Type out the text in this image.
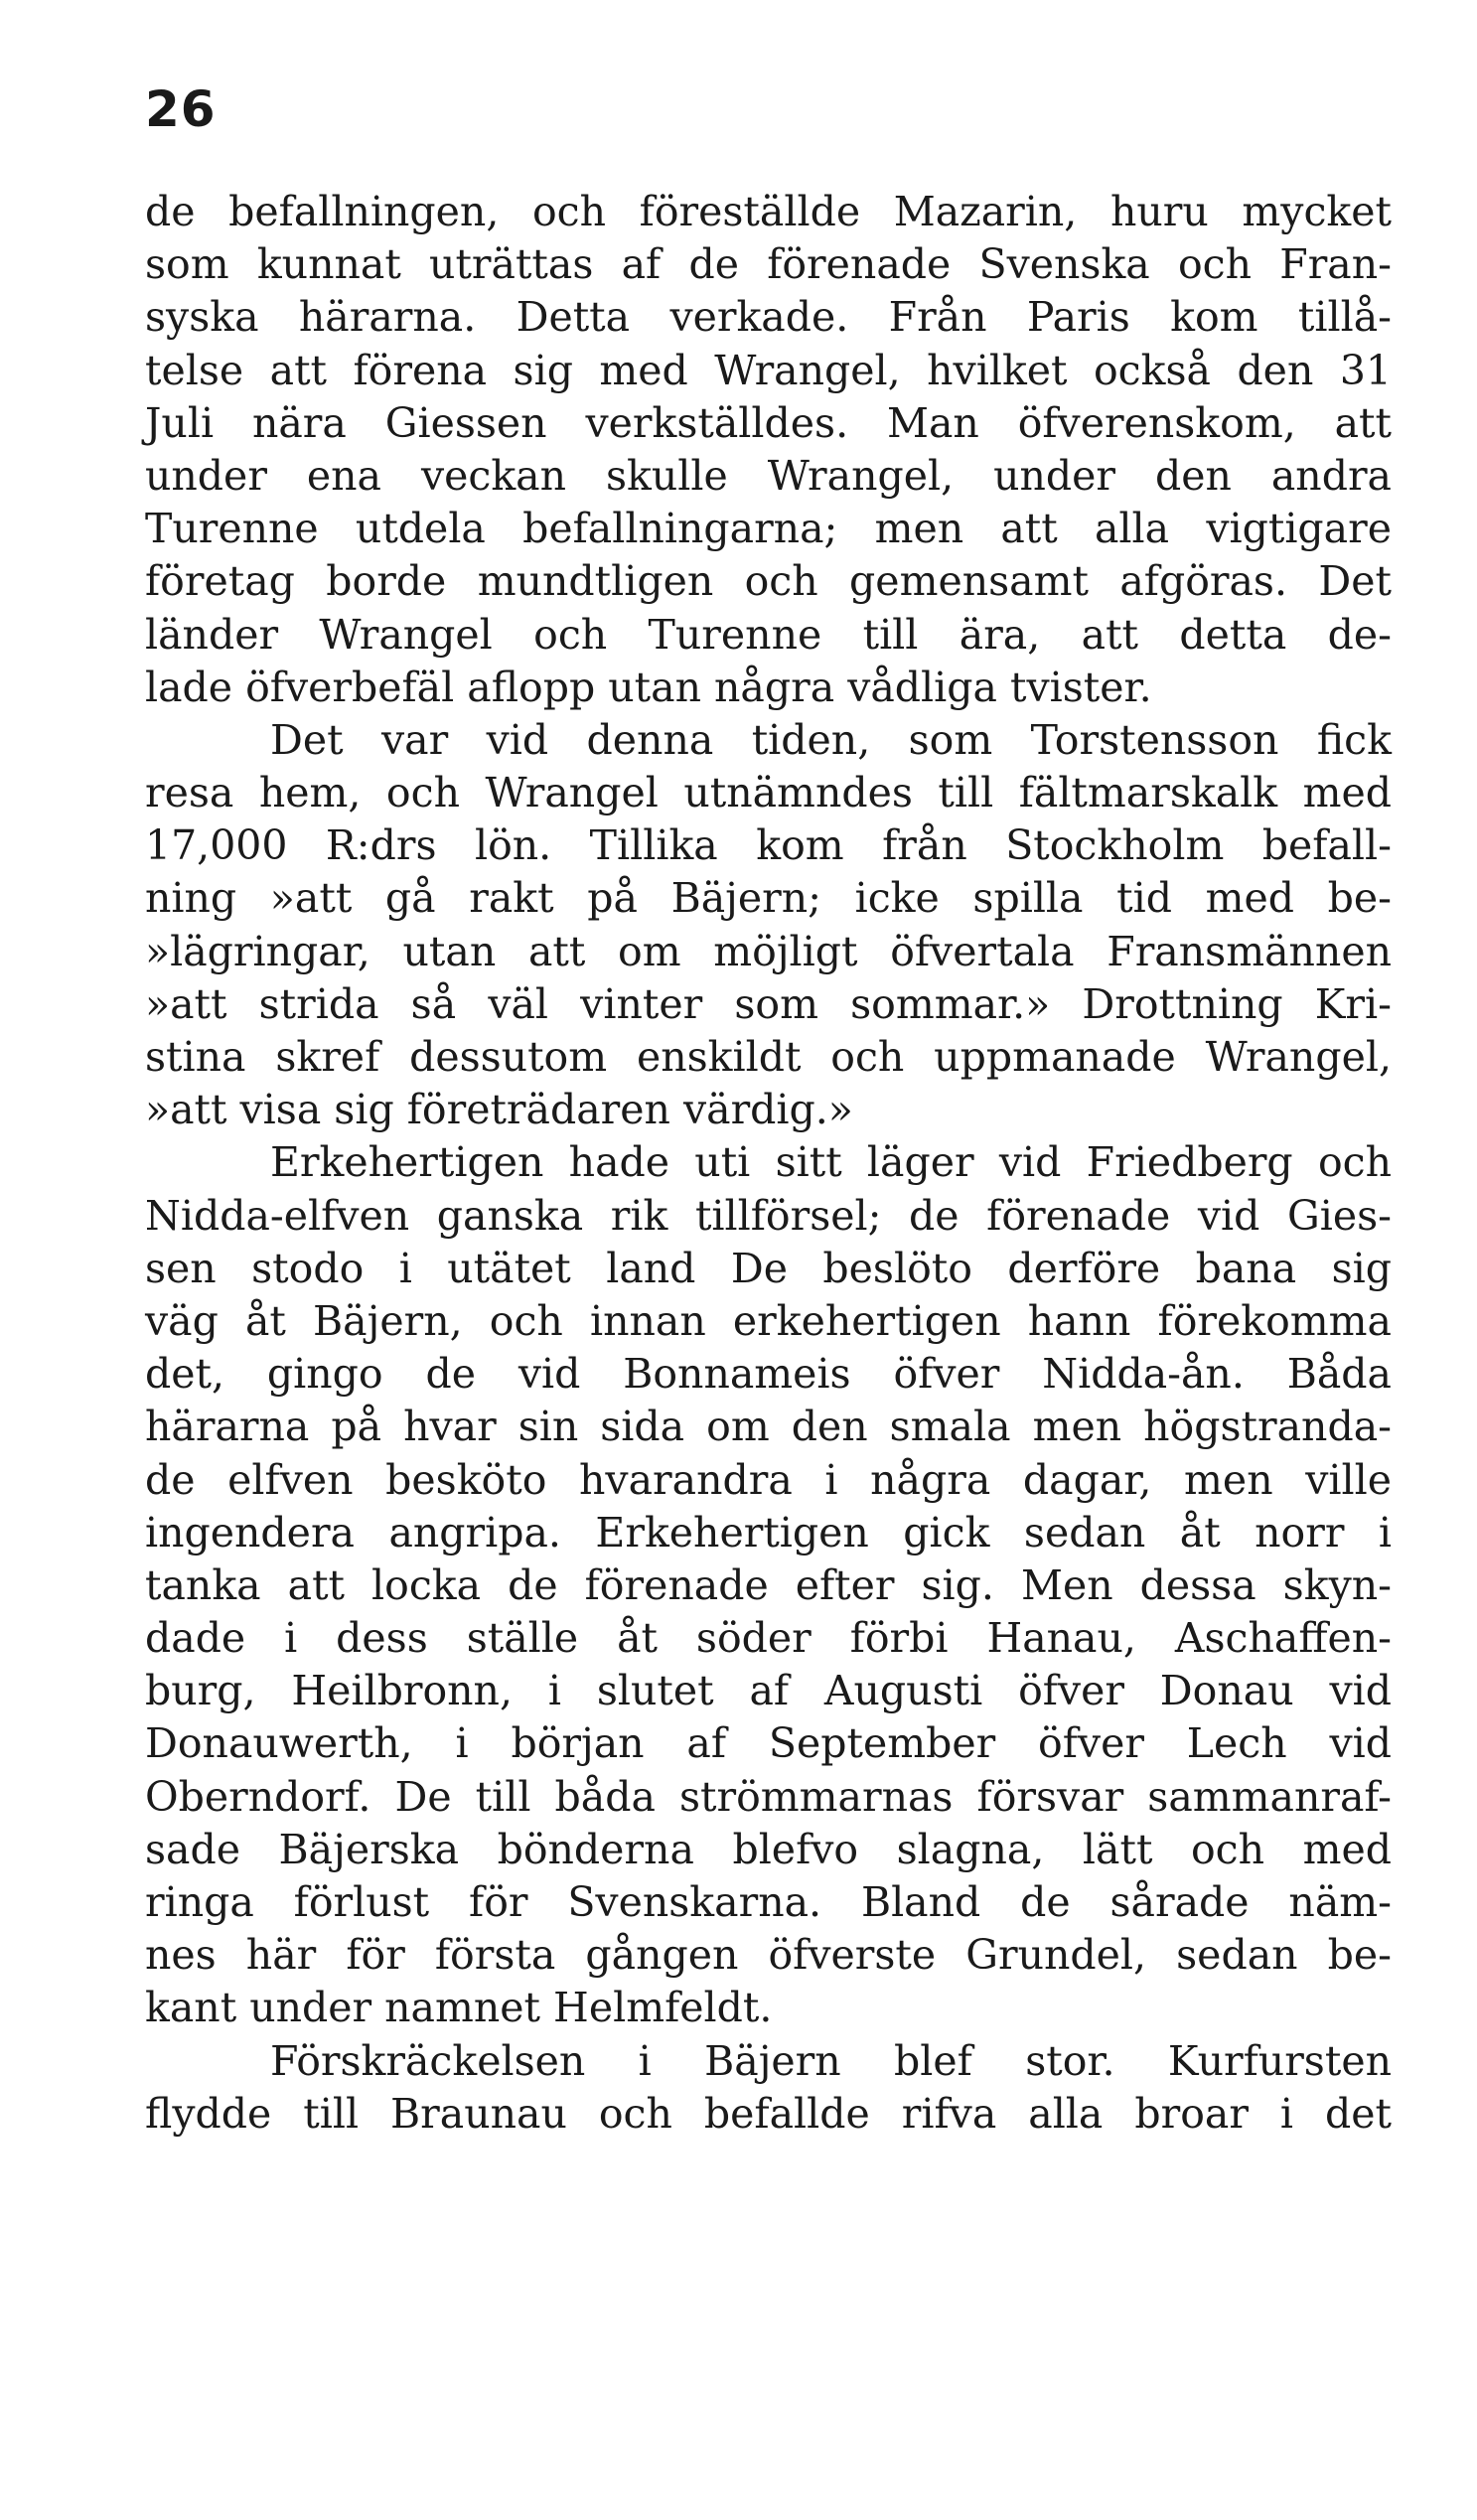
26
de befallningen, och föreställde Mazarin, huru mycket
som kunnat uträttas af de förenade Svenska och Fran-
syska härarna. Detta verkade. Från Paris kom tillå-
telse att förena sig med Wrangel, hvilket också den 31
Juli nära Giessen verkställdes. Man öfverenskom, att
under ena veckan skulle Wrangel, under den andra
Turenne utdela befallningarna; men att alla vigtigare
företag borde mundtligen och gemensamt afgöras. Det
länder Wrangel och Turenne till ära, att detta de-
lade öfverbefäl aflopp utan några vådliga tvister.
Det var vid denna tiden, som Torstensson fick
resa hem, och Wrangel utnämndes till fältmarskalk med
17,000 R:drs lön. Tillika kom från Stockholm befall-
ning »att gå rakt på Bäjern; icke spilla tid med be-
»lägringar, utan att om möjligt öfvertala Fransmännen
»att strida så väl vinter som sommar.» Drottning Kri-
stina skref dessutom enskildt och uppmanade Wrangel,
»att visa sig företrädaren värdig.»
Erkehertigen hade uti sitt läger vid Friedberg och
Nidda-elfven ganska rik tillförsel; de förenade vid Gies-
sen stodo i utätet land De beslöto derföre bana sig
väg åt Bäjern, och innan erkehertigen hann förekomma
det, gingo de vid Bonnameis öfver Nidda-ån. Båda
härarna på hvar sin sida om den smala men högstranda-
de elfven besköto hvarandra i några dagar, men ville
ingendera angripa. Erkehertigen gick sedan åt norr i
tanka att locka de förenade efter sig. Men dessa skyn-
dade i dess ställe åt söder förbi Hanau, Aschaffen-
burg, Heilbronn, i slutet af Augusti öfver Donau vid
Donauwerth, i början af September öfver Lech vid
Oberndorf. De till båda strömmarnas försvar sammanraf-
sade Bäjerska bönderna blefvo slagna, lätt och med
ringa förlust för Svenskarna. Bland de sårade näm-
nes här för första gången öfverste Grundel, sedan be-
kant under namnet Helmfeldt.
Förskräckelsen i Bäjern blef stor. Kurfursten
flydde till Braunau och befallde rifva alla broar i det
